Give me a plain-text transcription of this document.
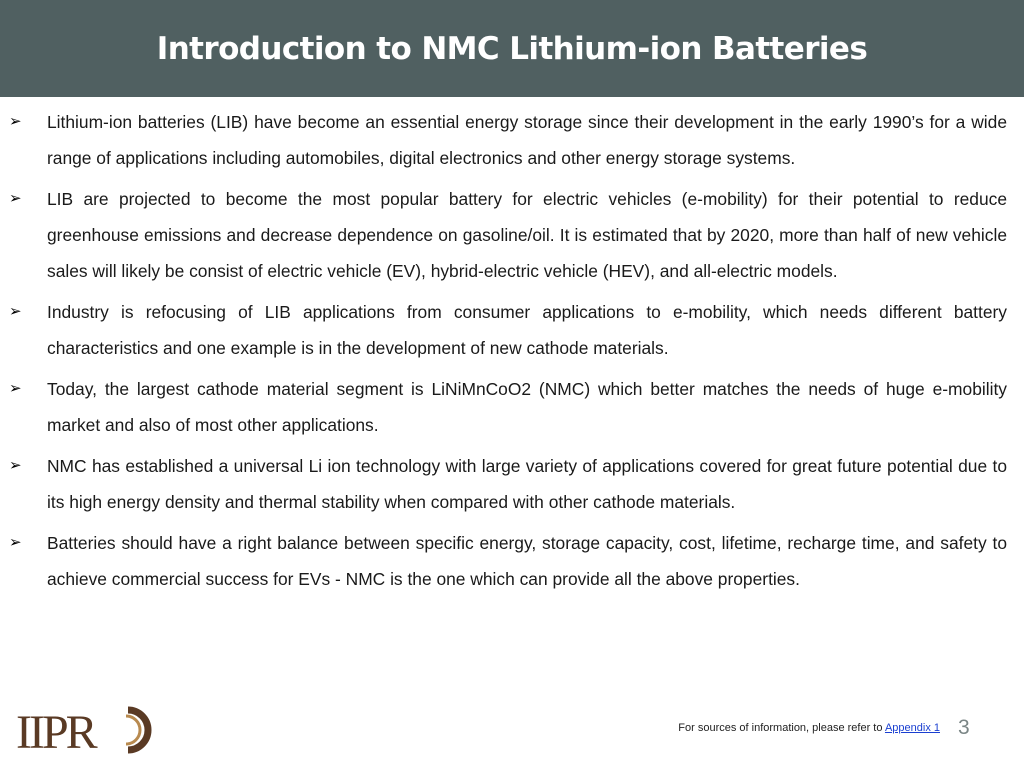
Introduction to NMC Lithium-ion Batteries
➢ Lithium-ion batteries (LIB) have become an essential energy storage since their development in the early 1990’s for a wide range of applications including automobiles, digital electronics and other energy storage systems.

➢ LIB are projected to become the most popular battery for electric vehicles (e-mobility) for their potential to reduce greenhouse emissions and decrease dependence on gasoline/oil. It is estimated that by 2020, more than half of new vehicle sales will likely be consist of electric vehicle (EV), hybrid-electric vehicle (HEV), and all-electric models.

➢ Industry is refocusing of LIB applications from consumer applications to e-mobility, which needs different battery characteristics and one example is in the development of new cathode materials.

➢ Today, the largest cathode material segment is LiNiMnCoO2 (NMC) which better matches the needs of huge e-mobility market and also of most other applications.

➢ NMC has established a universal Li ion technology with large variety of applications covered for great future potential due to its high energy density and thermal stability when compared with other cathode materials.

➢ Batteries should have a right balance between specific energy, storage capacity, cost, lifetime, recharge time, and safety to achieve commercial success for EVs - NMC is the one which can provide all the above properties.

IIPR	For sources of information, please refer to Appendix 1 3
